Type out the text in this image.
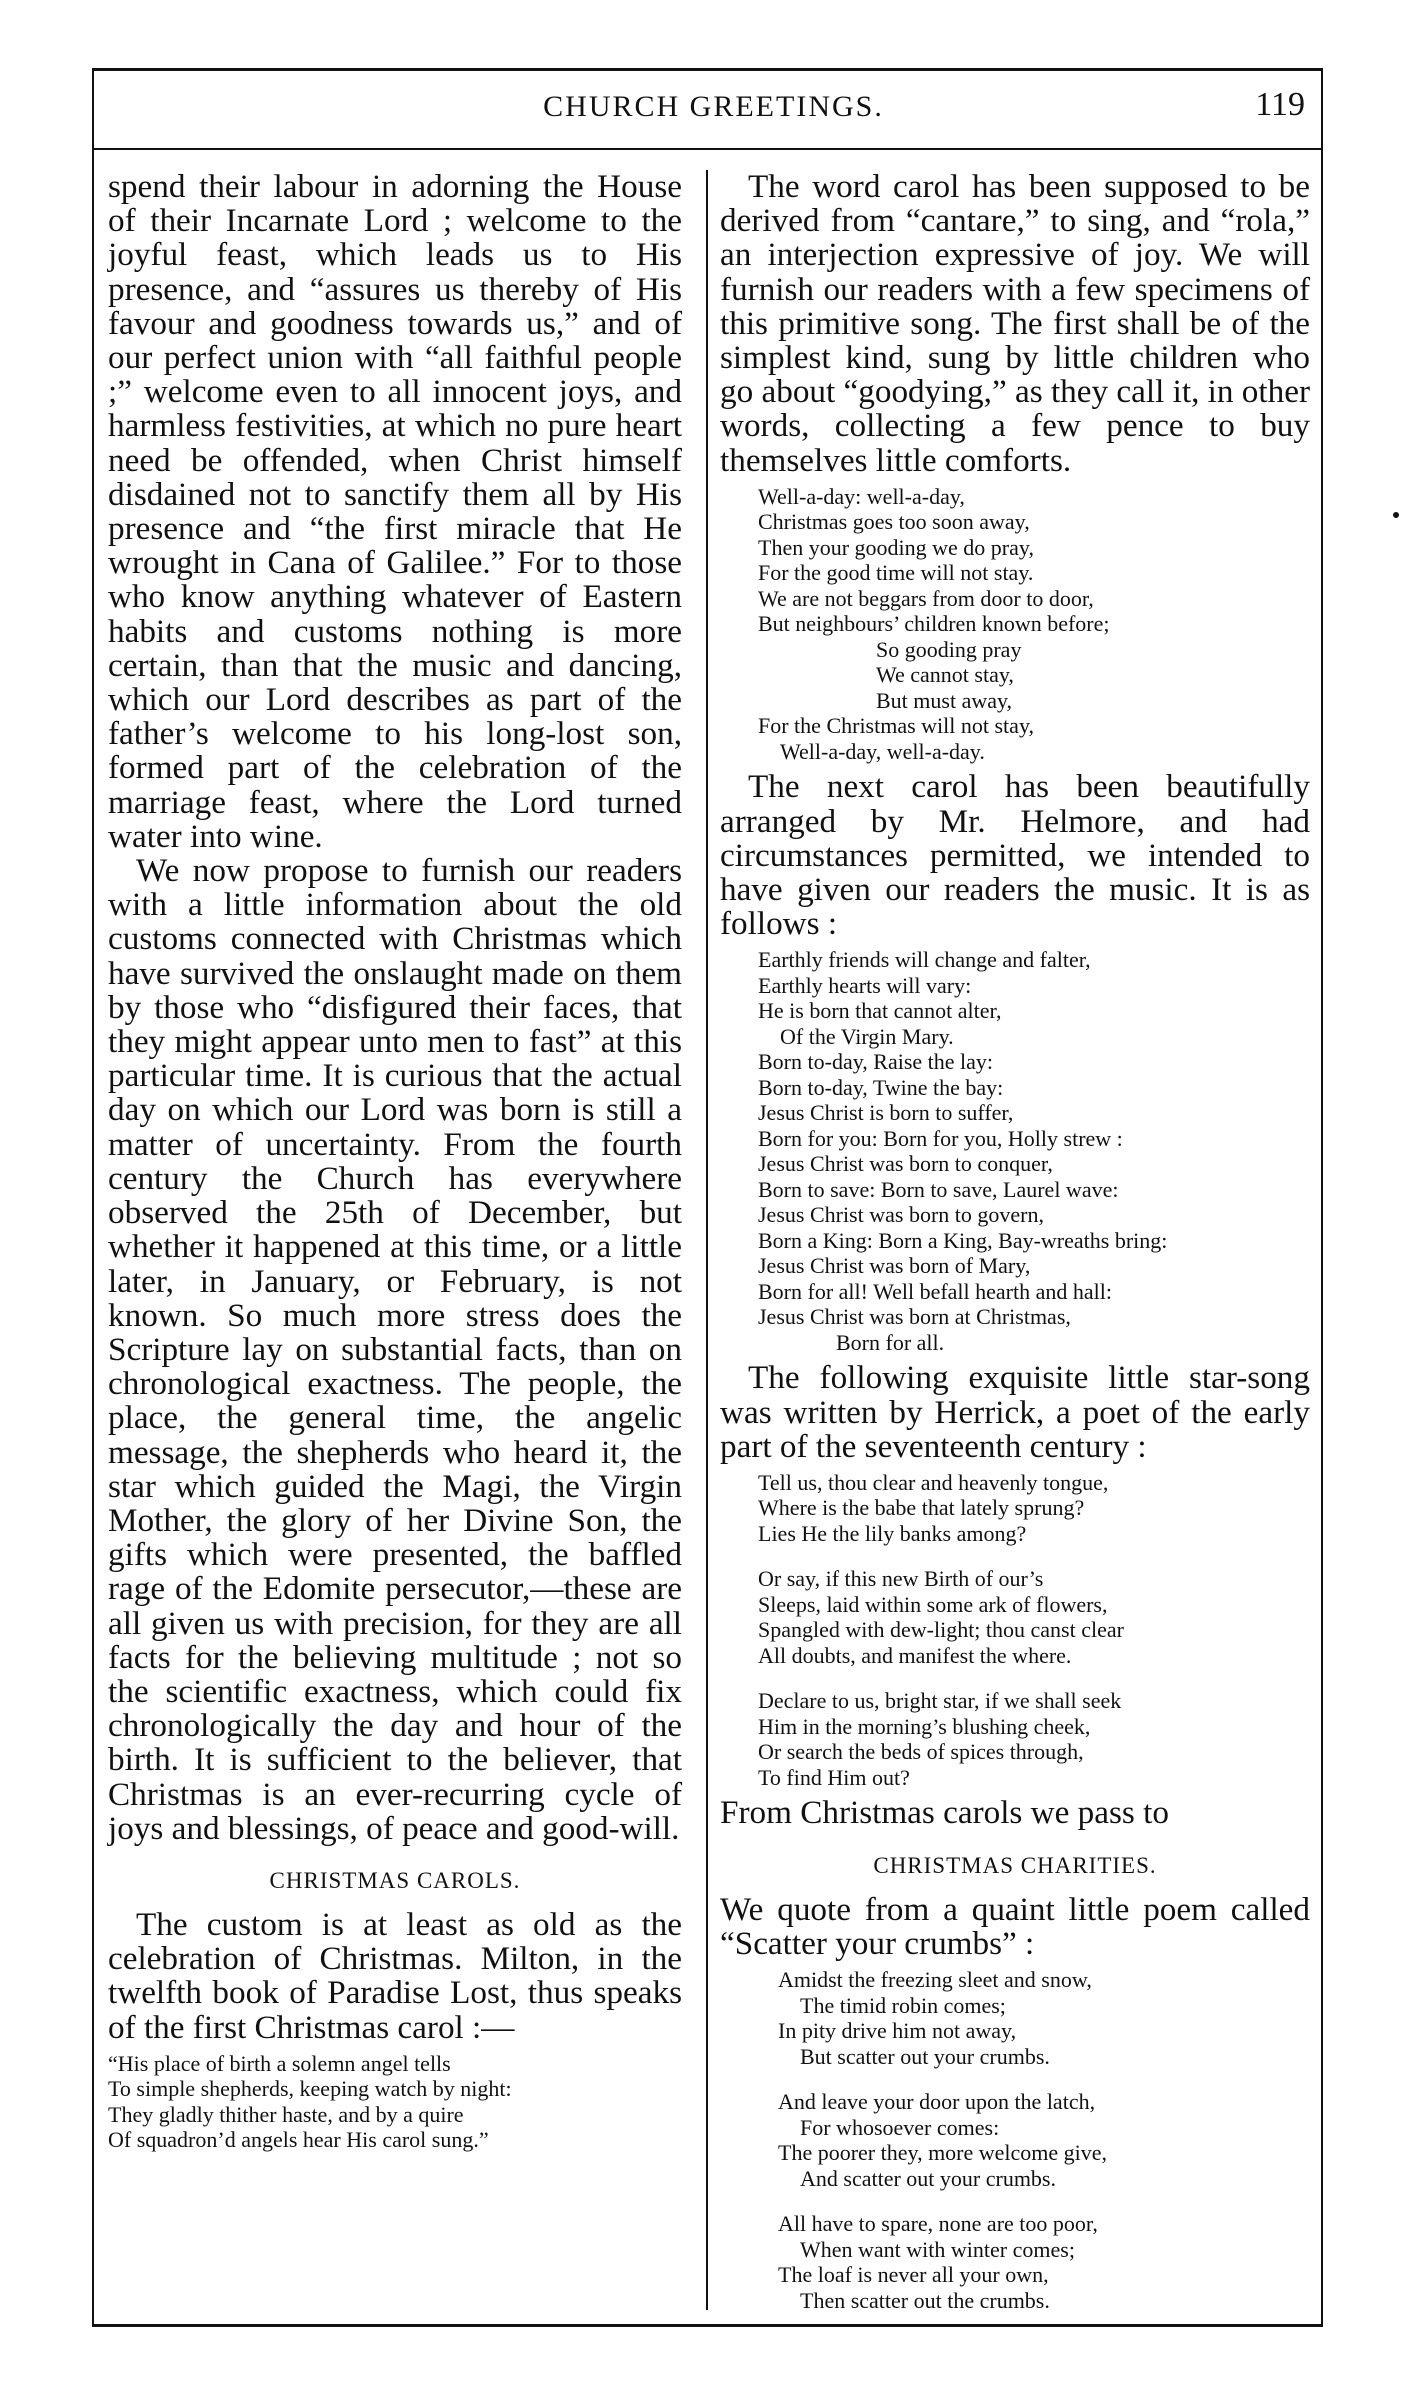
CHURCH GREETINGS.	119

spend their labour in adorning the House of their Incarnate Lord ; welcome to the joyful feast, which leads us to His presence, and “assures us thereby of His favour and goodness towards us,” and of our perfect union with “all faithful people ;” welcome even to all innocent joys, and harmless festivities, at which no pure heart need be offended, when Christ himself disdained not to sanctify them all by His presence and “the first miracle that He wrought in Cana of Galilee.” For to those who know anything whatever of Eastern habits and customs nothing is more certain, than that the music and dancing, which our Lord describes as part of the father’s welcome to his long-lost son, formed part of the celebration of the marriage feast, where the Lord turned water into wine.

We now propose to furnish our readers with a little information about the old customs connected with Christmas which have survived the onslaught made on them by those who “disfigured their faces, that they might appear unto men to fast” at this particular time. It is curious that the actual day on which our Lord was born is still a matter of uncertainty. From the fourth century the Church has everywhere observed the 25th of December, but whether it happened at this time, or a little later, in January, or February, is not known. So much more stress does the Scripture lay on substantial facts, than on chronological exactness. The people, the place, the general time, the angelic message, the shepherds who heard it, the star which guided the Magi, the Virgin Mother, the glory of her Divine Son, the gifts which were presented, the baffled rage of the Edomite persecutor,—these are all given us with precision, for they are all facts for the believing multitude ; not so the scientific exactness, which could fix chronologically the day and hour of the birth. It is sufficient to the believer, that Christmas is an ever-recurring cycle of joys and blessings, of peace and good-will.

CHRISTMAS CAROLS.

The custom is at least as old as the celebration of Christmas. Milton, in the twelfth book of Paradise Lost, thus speaks of the first Christmas carol :—

“His place of birth a solemn angel tells
To simple shepherds, keeping watch by night:
They gladly thither haste, and by a quire
Of squadron’d angels hear His carol sung.”

The word carol has been supposed to be derived from “cantare,” to sing, and “rola,” an interjection expressive of joy. We will furnish our readers with a few specimens of this primitive song. The first shall be of the simplest kind, sung by little children who go about “goodying,” as they call it, in other words, collecting a few pence to buy themselves little comforts.

Well-a-day: well-a-day,
Christmas goes too soon away,
Then your gooding we do pray,
For the good time will not stay.
We are not beggars from door to door,
But neighbours’ children known before;
So gooding pray
We cannot stay,
But must away,
For the Christmas will not stay,
Well-a-day, well-a-day.

The next carol has been beautifully arranged by Mr. Helmore, and had circumstances permitted, we intended to have given our readers the music. It is as follows :

Earthly friends will change and falter,
Earthly hearts will vary:
He is born that cannot alter,
Of the Virgin Mary.
Born to-day, Raise the lay:
Born to-day, Twine the bay:
Jesus Christ is born to suffer,
Born for you: Born for you, Holly strew :
Jesus Christ was born to conquer,
Born to save: Born to save, Laurel wave:
Jesus Christ was born to govern,
Born a King: Born a King, Bay-wreaths bring:
Jesus Christ was born of Mary,
Born for all! Well befall hearth and hall:
Jesus Christ was born at Christmas,
Born for all.

The following exquisite little star-song was written by Herrick, a poet of the early part of the seventeenth century :

Tell us, thou clear and heavenly tongue,
Where is the babe that lately sprung?
Lies He the lily banks among?
Or say, if this new Birth of our’s
Sleeps, laid within some ark of flowers,
Spangled with dew-light; thou canst clear
All doubts, and manifest the where.
Declare to us, bright star, if we shall seek
Him in the morning’s blushing cheek,
Or search the beds of spices through,
To find Him out?

From Christmas carols we pass to

CHRISTMAS CHARITIES.

We quote from a quaint little poem called “Scatter your crumbs” :

Amidst the freezing sleet and snow,
The timid robin comes;
In pity drive him not away,
But scatter out your crumbs.
And leave your door upon the latch,
For whosoever comes:
The poorer they, more welcome give,
And scatter out your crumbs.
All have to spare, none are too poor,
When want with winter comes;
The loaf is never all your own,
Then scatter out the crumbs.
